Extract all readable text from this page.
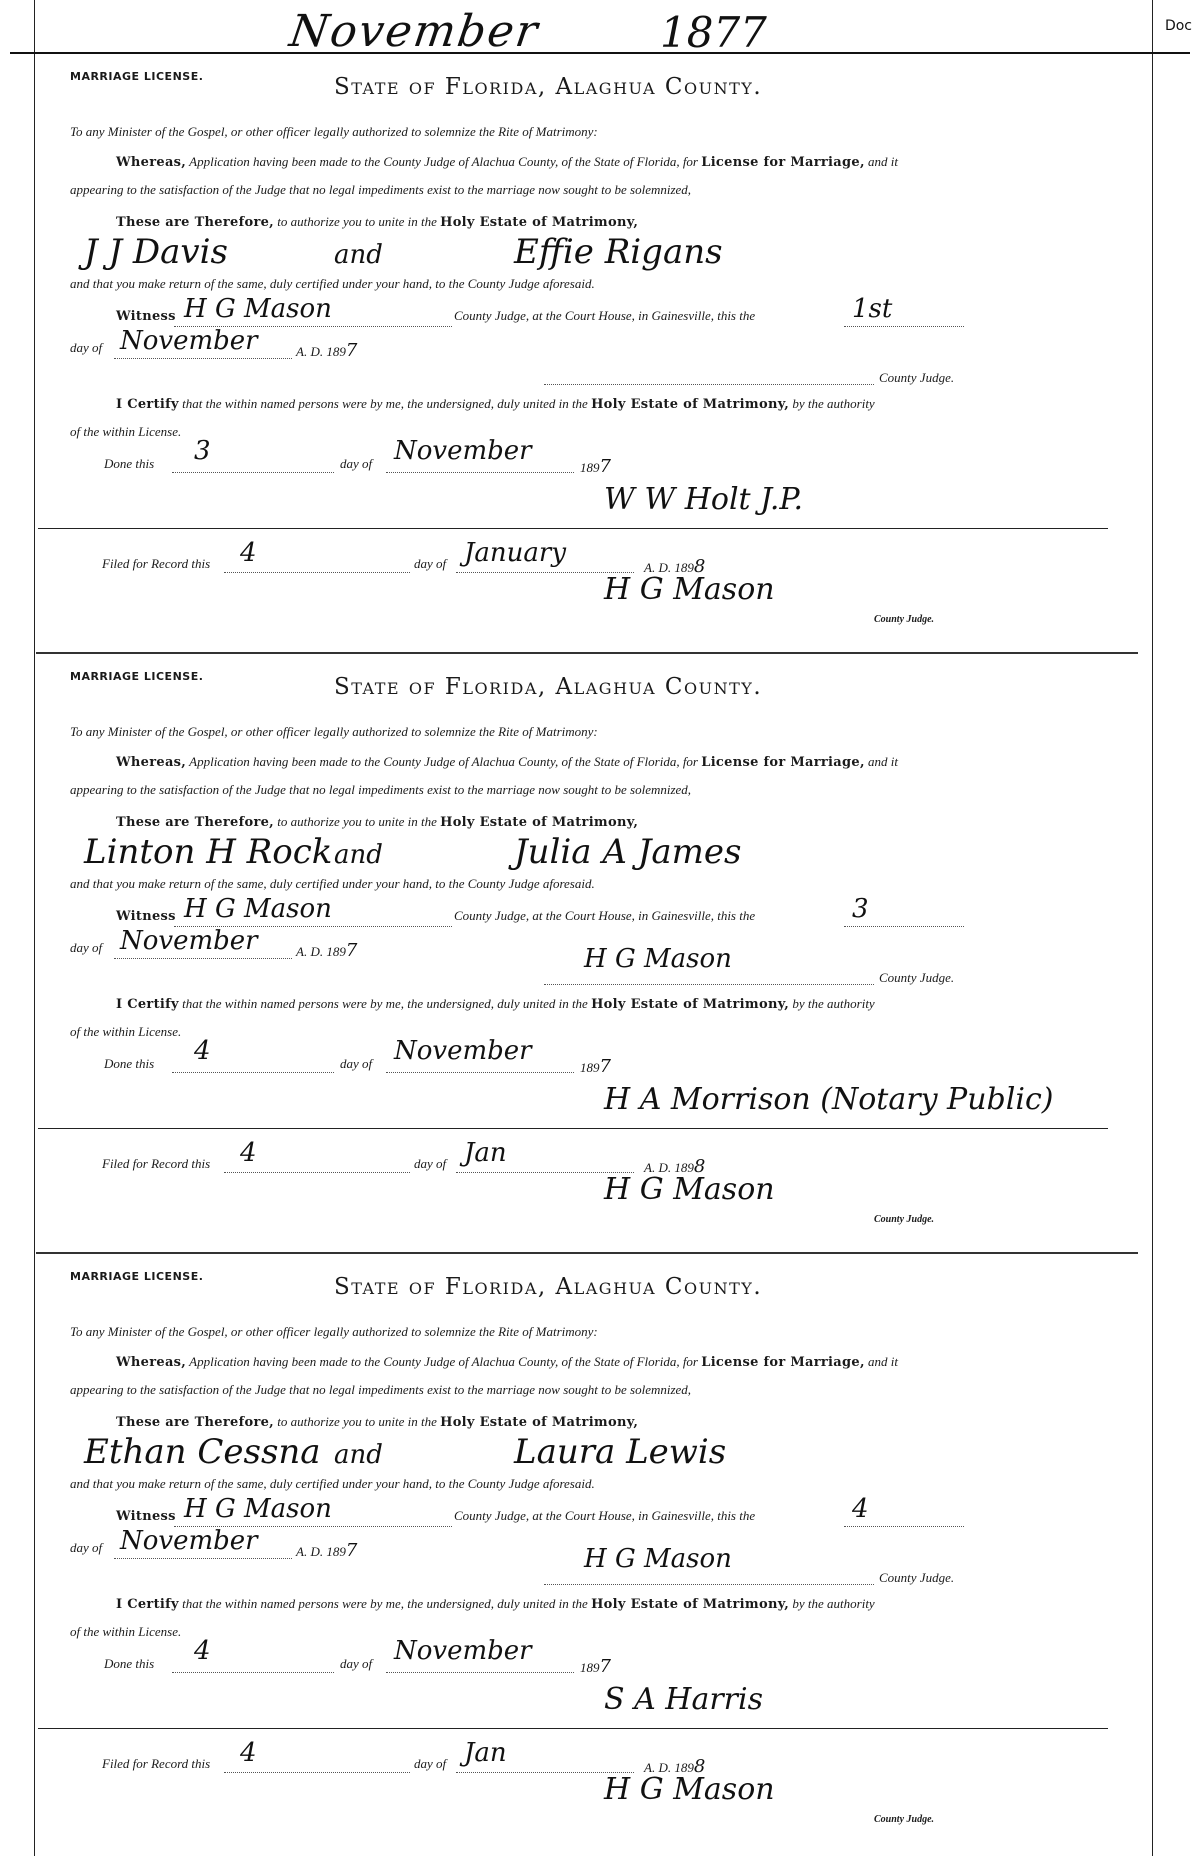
November	1877	Doc
MARRIAGE LICENSE.	State of Florida, Alaghua County.
To any Minister of the Gospel, or other officer legally authorized to solemnize the Rite of Matrimony:
Whereas, Application having been made to the County Judge of Alachua County, of the State of Florida, for License for Marriage, and it
appearing to the satisfaction of the Judge that no legal impediments exist to the marriage now sought to be solemnized,
These are Therefore, to authorize you to unite in the Holy Estate of Matrimony,
J J Davis	and	Effie Rigans
and that you make return of the same, duly certified under your hand, to the County Judge aforesaid.
Witness H G Mason	County Judge, at the Court House, in Gainesville, this the	1st
day of November	A. D. 1897
County Judge.
I Certify that the within named persons were by me, the undersigned, duly united in the Holy Estate of Matrimony, by the authority
of the within License.
Done this 3	day of November
1897
W W Holt J.P.
Filed for Record this 4	day of January	A. D. 1898
H G Mason
County Judge.
MARRIAGE LICENSE.	State of Florida, Alaghua County.
To any Minister of the Gospel, or other officer legally authorized to solemnize the Rite of Matrimony:
Whereas, Application having been made to the County Judge of Alachua County, of the State of Florida, for License for Marriage, and it
appearing to the satisfaction of the Judge that no legal impediments exist to the marriage now sought to be solemnized,
These are Therefore, to authorize you to unite in the Holy Estate of Matrimony,
Linton H Rock and	Julia A James
and that you make return of the same, duly certified under your hand, to the County Judge aforesaid.
Witness H G Mason	County Judge, at the Court House, in Gainesville, this the	3
day of November	A. D. 1897	H G Mason
County Judge.
I Certify that the within named persons were by me, the undersigned, duly united in the Holy Estate of Matrimony, by the authority
of the within License.
Done this 4	day of November
1897
H A Morrison (Notary Public)
Filed for Record this 4	day of Jan	A. D. 1898
H G Mason
County Judge.
MARRIAGE LICENSE.	State of Florida, Alaghua County.
To any Minister of the Gospel, or other officer legally authorized to solemnize the Rite of Matrimony:
Whereas, Application having been made to the County Judge of Alachua County, of the State of Florida, for License for Marriage, and it
appearing to the satisfaction of the Judge that no legal impediments exist to the marriage now sought to be solemnized,
These are Therefore, to authorize you to unite in the Holy Estate of Matrimony,
Ethan Cessna and	Laura Lewis
and that you make return of the same, duly certified under your hand, to the County Judge aforesaid.
Witness H G Mason	County Judge, at the Court House, in Gainesville, this the	4
day of November	A. D. 1897	H G Mason
County Judge.
I Certify that the within named persons were by me, the undersigned, duly united in the Holy Estate of Matrimony, by the authority
of the within License.
Done this 4	day of November
1897
S A Harris
Filed for Record this 4	day of Jan	A. D. 1898
H G Mason
County Judge.
